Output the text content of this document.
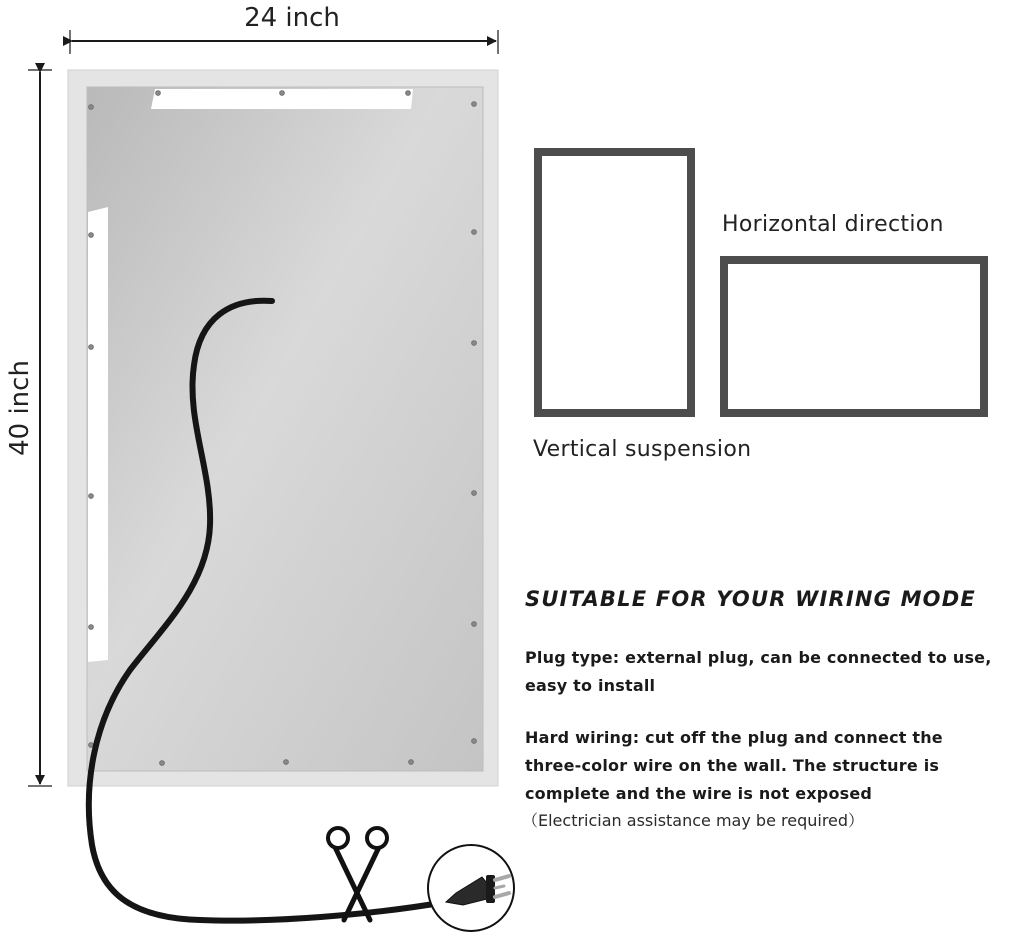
24 inch
40 inch
Horizontal direction
Vertical suspension
SUITABLE FOR YOUR WIRING MODE
Plug type: external plug, can be connected to use,
easy to install
Hard wiring: cut off the plug and connect the
three-color wire on the wall. The structure is
complete and the wire is not exposed
（Electrician assistance may be required）
